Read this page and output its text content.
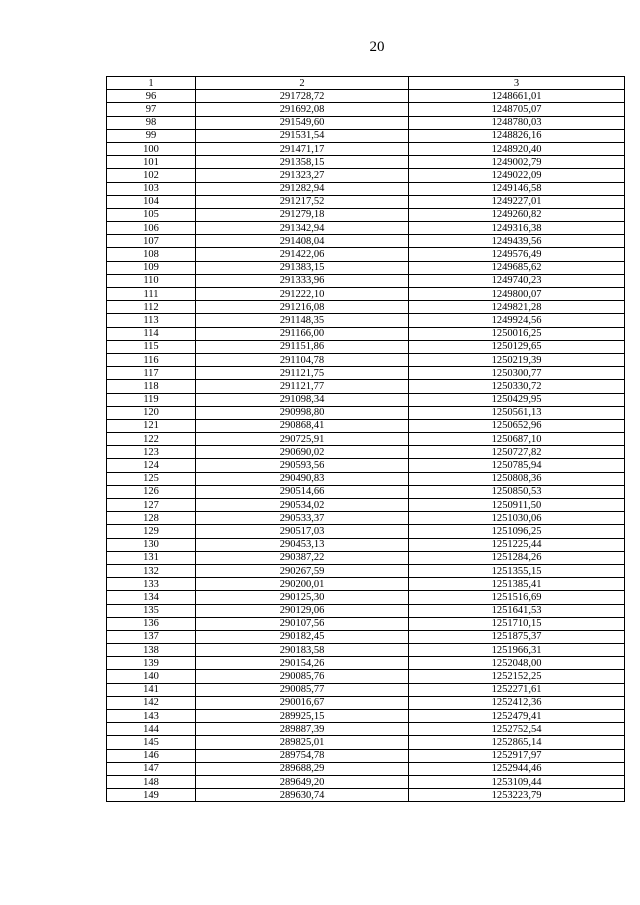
20
1	2	3
96	291728,72	1248661,01
97	291692,08	1248705,07
98	291549,60	1248780,03
99	291531,54	1248826,16
100	291471,17	1248920,40
101	291358,15	1249002,79
102	291323,27	1249022,09
103	291282,94	1249146,58
104	291217,52	1249227,01
105	291279,18	1249260,82
106	291342,94	1249316,38
107	291408,04	1249439,56
108	291422,06	1249576,49
109	291383,15	1249685,62
110	291333,96	1249740,23
111	291222,10	1249800,07
112	291216,08	1249821,28
113	291148,35	1249924,56
114	291166,00	1250016,25
115	291151,86	1250129,65
116	291104,78	1250219,39
117	291121,75	1250300,77
118	291121,77	1250330,72
119	291098,34	1250429,95
120	290998,80	1250561,13
121	290868,41	1250652,96
122	290725,91	1250687,10
123	290690,02	1250727,82
124	290593,56	1250785,94
125	290490,83	1250808,36
126	290514,66	1250850,53
127	290534,02	1250911,50
128	290533,37	1251030,06
129	290517,03	1251096,25
130	290453,13	1251225,44
131	290387,22	1251284,26
132	290267,59	1251355,15
133	290200,01	1251385,41
134	290125,30	1251516,69
135	290129,06	1251641,53
136	290107,56	1251710,15
137	290182,45	1251875,37
138	290183,58	1251966,31
139	290154,26	1252048,00
140	290085,76	1252152,25
141	290085,77	1252271,61
142	290016,67	1252412,36
143	289925,15	1252479,41
144	289887,39	1252752,54
145	289825,01	1252865,14
146	289754,78	1252917,97
147	289688,29	1252944,46
148	289649,20	1253109,44
149	289630,74	1253223,79
